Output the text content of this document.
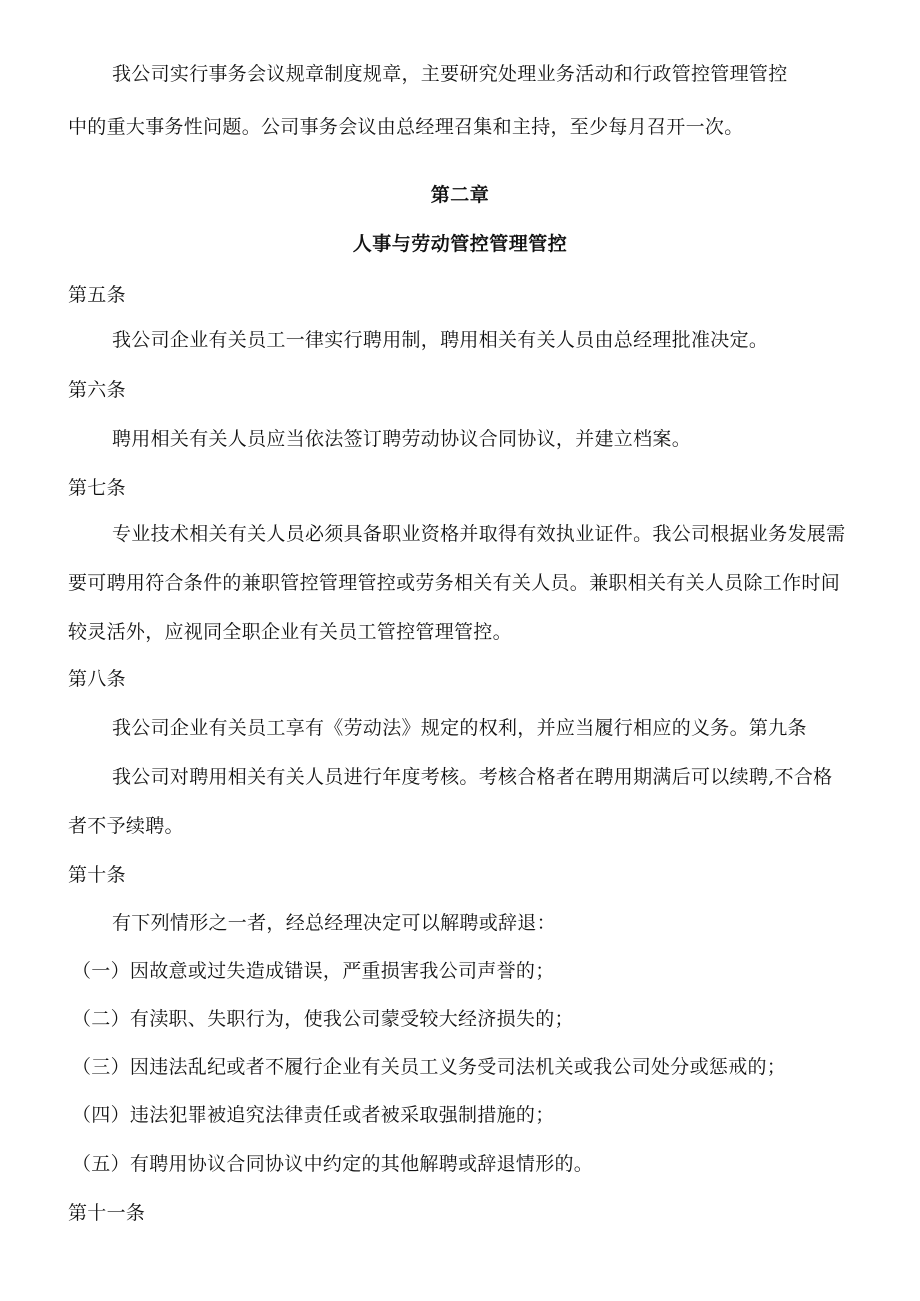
我公司实行事务会议规章制度规章，主要研究处理业务活动和行政管控管理管控
中的重大事务性问题。公司事务会议由总经理召集和主持，至少每月召开一次。
第二章
人事与劳动管控管理管控
第五条
我公司企业有关员工一律实行聘用制，聘用相关有关人员由总经理批准决定。
第六条
聘用相关有关人员应当依法签订聘劳动协议合同协议，并建立档案。
第七条
专业技术相关有关人员必须具备职业资格并取得有效执业证件。我公司根据业务发展需
要可聘用符合条件的兼职管控管理管控或劳务相关有关人员。兼职相关有关人员除工作时间
较灵活外，应视同全职企业有关员工管控管理管控。
第八条
我公司企业有关员工享有《劳动法》规定的权利，并应当履行相应的义务。第九条
我公司对聘用相关有关人员进行年度考核。考核合格者在聘用期满后可以续聘,不合格
者不予续聘。
第十条
有下列情形之一者，经总经理决定可以解聘或辞退：
（一）因故意或过失造成错误，严重损害我公司声誉的；
（二）有渎职、失职行为，使我公司蒙受较大经济损失的；
（三）因违法乱纪或者不履行企业有关员工义务受司法机关或我公司处分或惩戒的；
（四）违法犯罪被追究法律责任或者被采取强制措施的；
（五）有聘用协议合同协议中约定的其他解聘或辞退情形的。
第十一条
